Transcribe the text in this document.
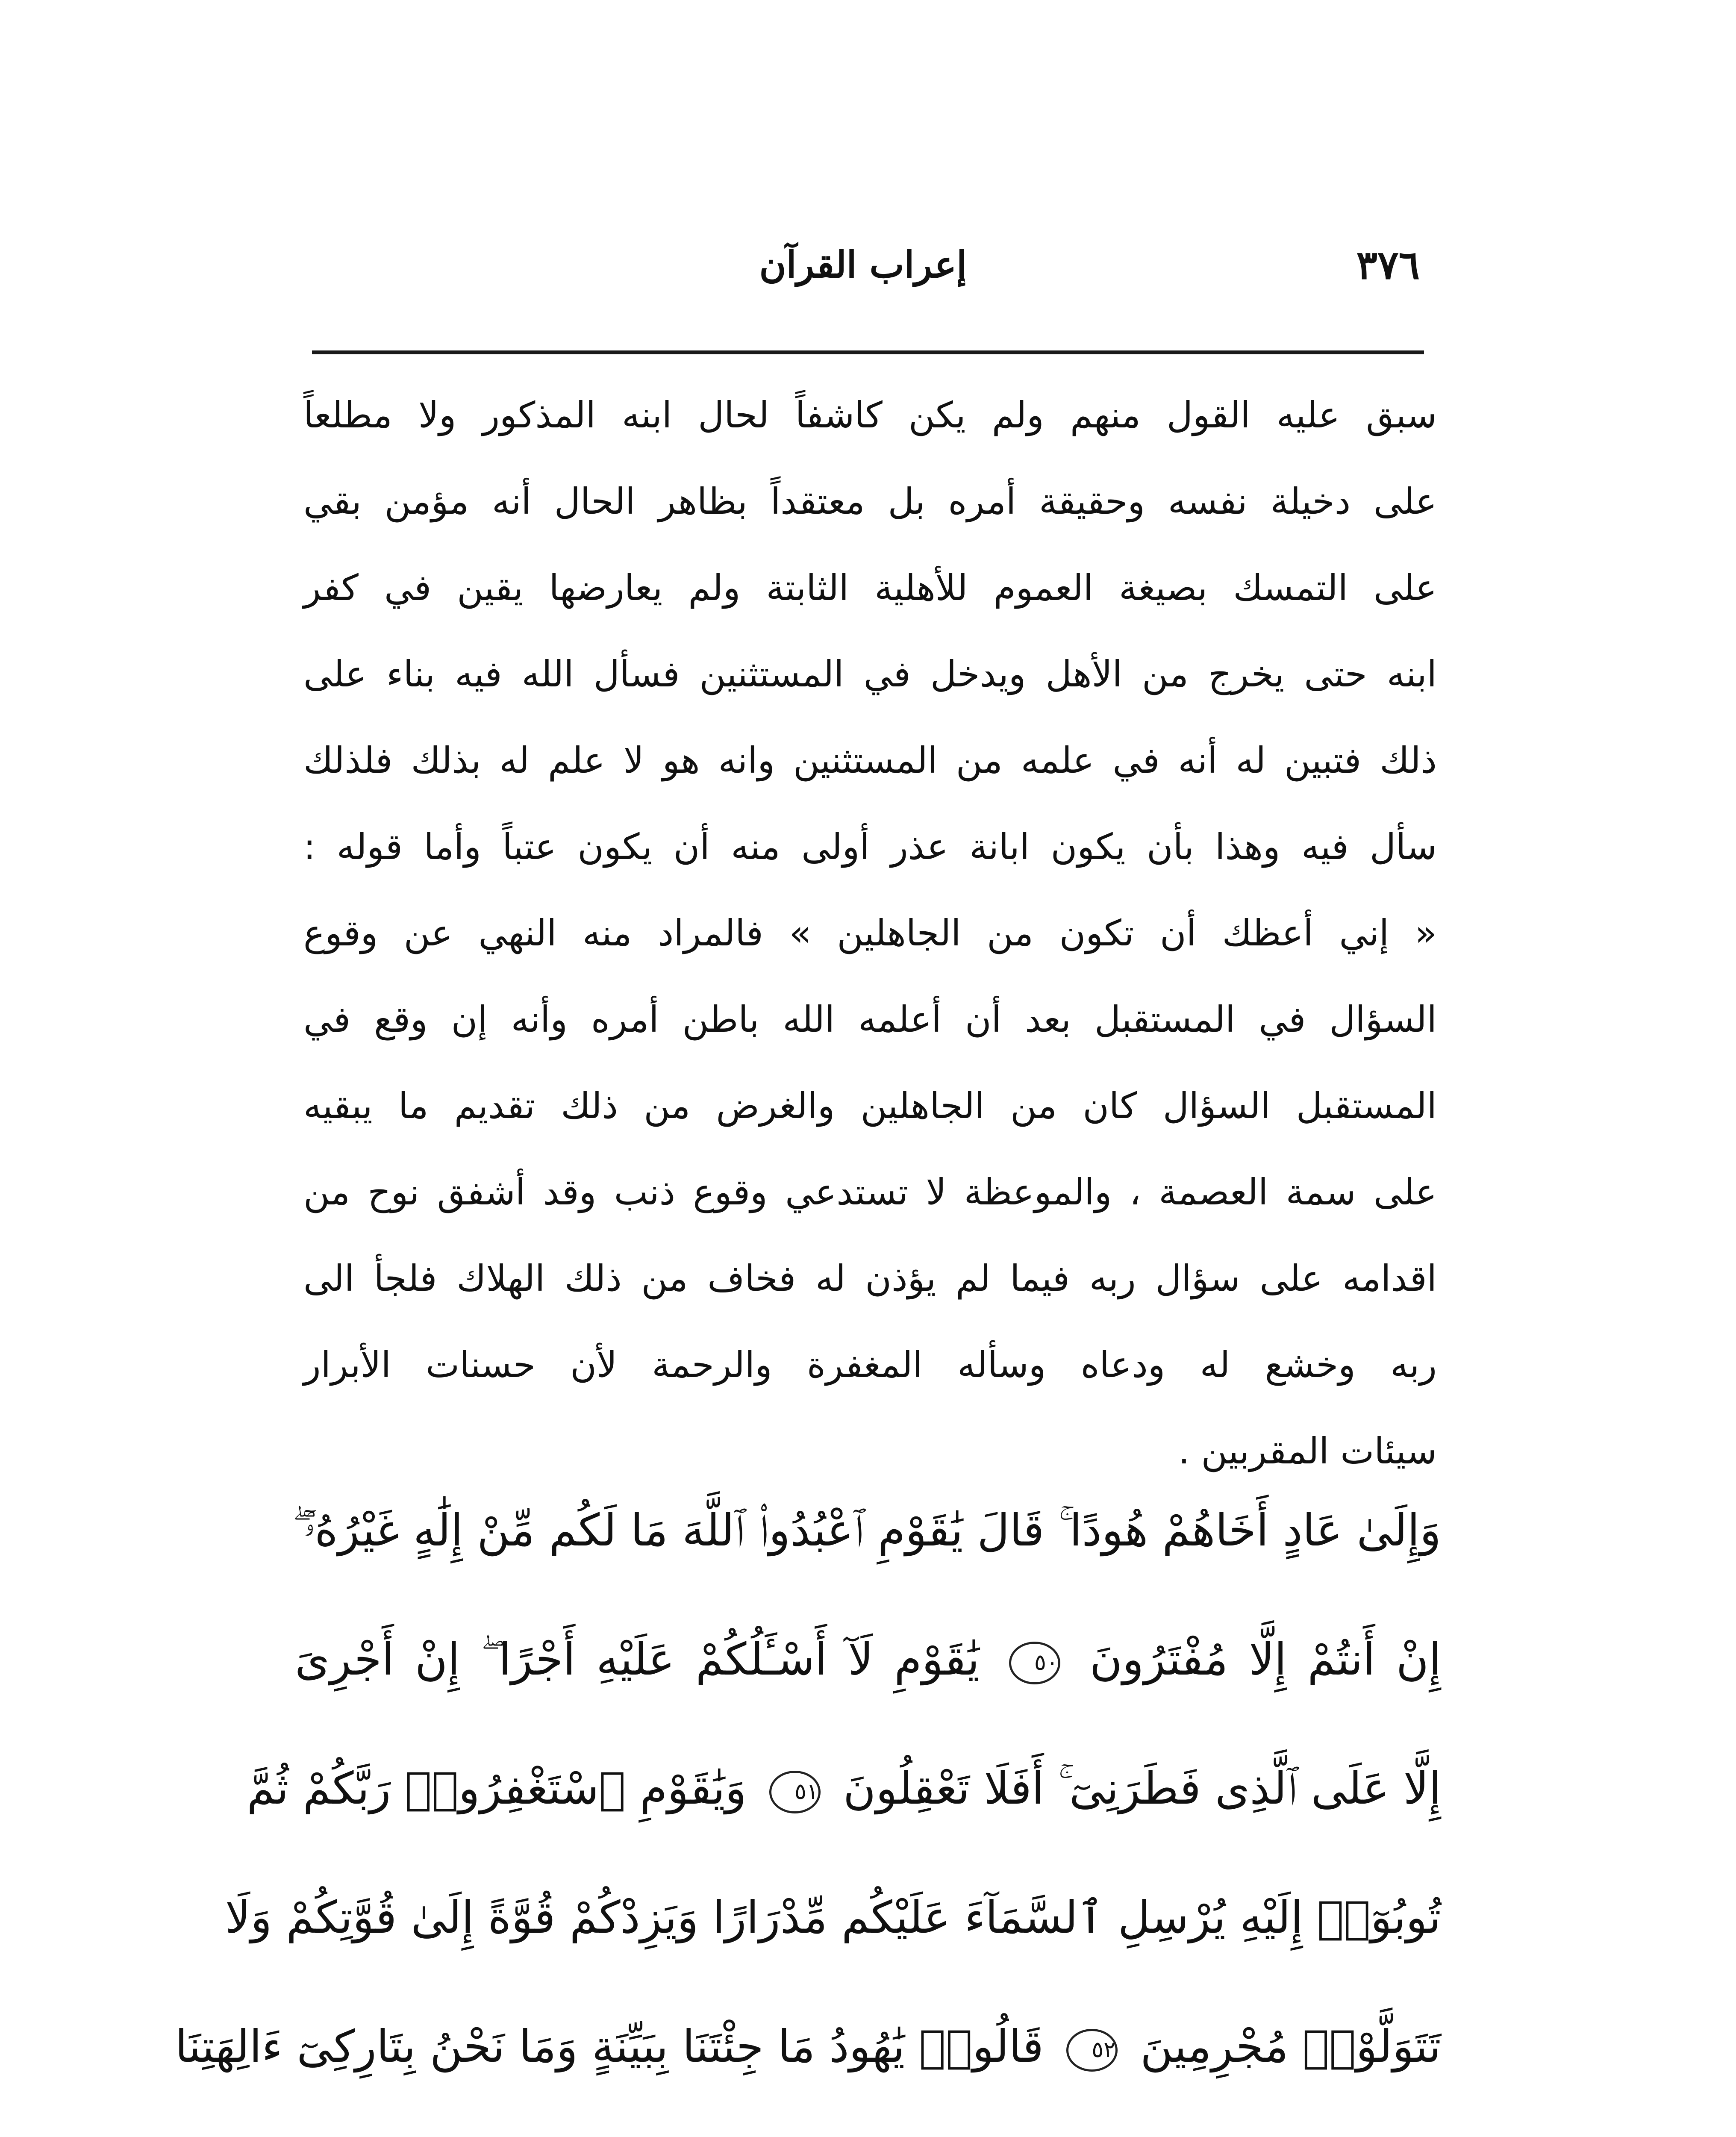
٣٧٦
إعراب القرآن
سبق عليه القول منهم ولم يكن كاشفاً لحال ابنه المذكور ولا مطلعاً
على دخيلة نفسه وحقيقة أمره بل معتقداً بظاهر الحال أنه مؤمن بقي
على التمسك بصيغة العموم للأهلية الثابتة ولم يعارضها يقين في كفر
ابنه حتى يخرج من الأهل ويدخل في المستثنين فسأل الله فيه بناء على
ذلك فتبين له أنه في علمه من المستثنين وانه هو لا علم له بذلك فلذلك
سأل فيه وهذا بأن يكون ابانة عذر أولى منه أن يكون عتباً وأما قوله :
« إني أعظك أن تكون من الجاهلين » فالمراد منه النهي عن وقوع
السؤال في المستقبل بعد أن أعلمه الله باطن أمره وأنه إن وقع في
المستقبل السؤال كان من الجاهلين والغرض من ذلك تقديم ما يبقيه
على سمة العصمة ، والموعظة لا تستدعي وقوع ذنب وقد أشفق نوح من
اقدامه على سؤال ربه فيما لم يؤذن له فخاف من ذلك الهلاك فلجأ الى
ربه وخشع له ودعاه وسأله المغفرة والرحمة لأن حسنات الأبرار
سيئات المقربين .
وَإِلَىٰ عَادٍ أَخَاهُمْ هُودًا ۚ قَالَ يَٰقَوْمِ ٱعْبُدُوا۟ ٱللَّهَ مَا لَكُم مِّنْ إِلَٰهٍ غَيْرُهُۥٓ ۖ
إِنْ أَنتُمْ إِلَّا مُفْتَرُونَ ٥٠ يَٰقَوْمِ لَآ أَسْـَٔلُكُمْ عَلَيْهِ أَجْرًا ۖ إِنْ أَجْرِىَ
إِلَّا عَلَى ٱلَّذِى فَطَرَنِىٓ ۚ أَفَلَا تَعْقِلُونَ ٥١ وَيَٰقَوْمِ ٱسْتَغْفِرُوا۟ رَبَّكُمْ ثُمَّ
تُوبُوٓا۟ إِلَيْهِ يُرْسِلِ ٱلسَّمَآءَ عَلَيْكُم مِّدْرَارًا وَيَزِدْكُمْ قُوَّةً إِلَىٰ قُوَّتِكُمْ وَلَا
تَتَوَلَّوْا۟ مُجْرِمِينَ ٥٢ قَالُوا۟ يَٰهُودُ مَا جِئْتَنَا بِبَيِّنَةٍ وَمَا نَحْنُ بِتَارِكِىٓ ءَالِهَتِنَا
